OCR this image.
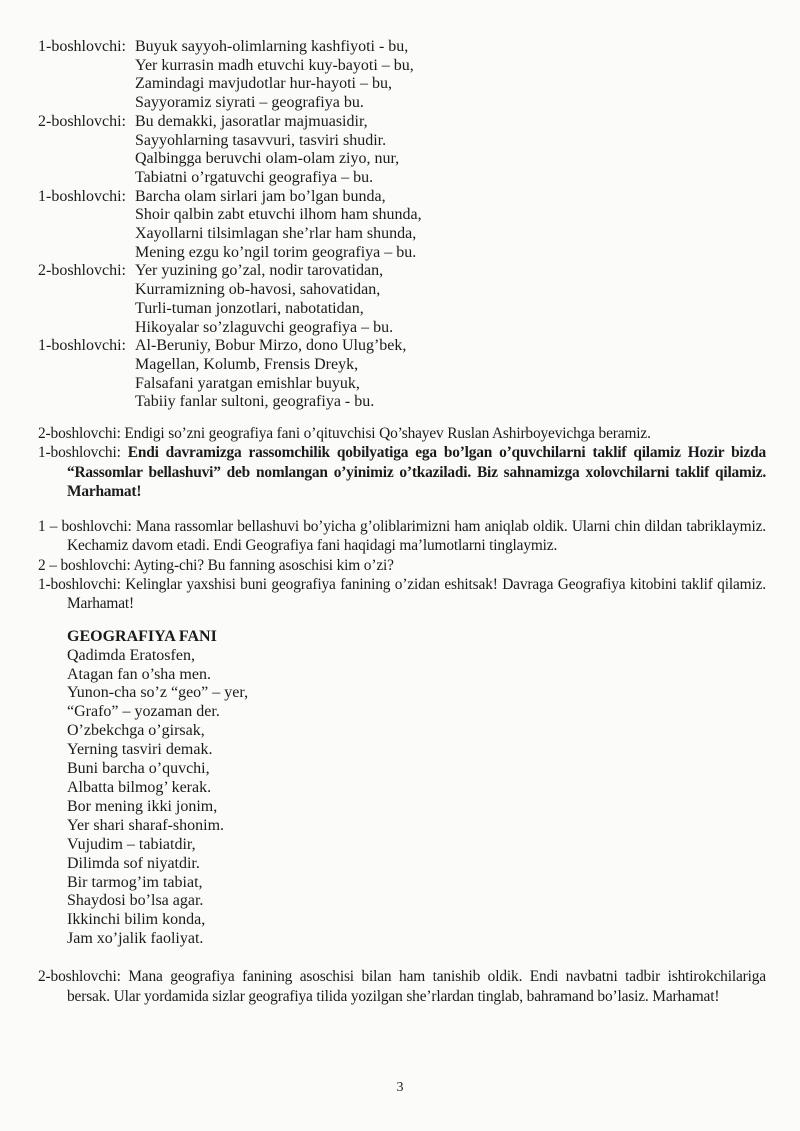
1-boshlovchi: Buyuk sayyoh-olimlarning kashfiyoti - bu,
Yer kurrasin madh etuvchi kuy-bayoti – bu,
Zamindagi mavjudotlar hur-hayoti – bu,
Sayyoramiz siyrati – geografiya bu.
2-boshlovchi: Bu demakki, jasoratlar majmuasidir,
Sayyohlarning tasavvuri, tasviri shudir.
Qalbingga beruvchi olam-olam ziyo, nur,
Tabiatni o’rgatuvchi geografiya – bu.
1-boshlovchi: Barcha olam sirlari jam bo’lgan bunda,
Shoir qalbin zabt etuvchi ilhom ham shunda,
Xayollarni tilsimlagan she’rlar ham shunda,
Mening ezgu ko’ngil torim geografiya – bu.
2-boshlovchi: Yer yuzining go’zal, nodir tarovatidan,
Kurramizning ob-havosi, sahovatidan,
Turli-tuman jonzotlari, nabotatidan,
Hikoyalar so’zlaguvchi geografiya – bu.
1-boshlovchi: Al-Beruniy, Bobur Mirzo, dono Ulug’bek,
Magellan, Kolumb, Frensis Dreyk,
Falsafani yaratgan emishlar buyuk,
Tabiiy fanlar sultoni, geografiya - bu.

2-boshlovchi: Endigi so’zni geografiya fani o’qituvchisi Qo’shayev Ruslan Ashirboyevichga beramiz.

1-boshlovchi: Endi davramizga rassomchilik qobilyatiga ega bo’lgan o’quvchilarni taklif qilamiz Hozir bizda “Rassomlar bellashuvi” deb nomlangan o’yinimiz o’tkaziladi. Biz sahnamizga xolovchilarni taklif qilamiz. Marhamat!

1 – boshlovchi: Mana rassomlar bellashuvi bo’yicha g’oliblarimizni ham aniqlab oldik. Ularni chin dildan tabriklaymiz. Kechamiz davom etadi. Endi Geografiya fani haqidagi ma’lumotlarni tinglaymiz.

2 – boshlovchi: Ayting-chi? Bu fanning asoschisi kim o’zi?

1-boshlovchi: Kelinglar yaxshisi buni geografiya fanining o’zidan eshitsak! Davraga Geografiya kitobini taklif qilamiz. Marhamat!

GEOGRAFIYA FANI
Qadimda Eratosfen,
Atagan fan o’sha men.
Yunon-cha so’z “geo” – yer,
“Grafo” – yozaman der.
O’zbekchga o’girsak,
Yerning tasviri demak.
Buni barcha o’quvchi,
Albatta bilmog’ kerak.
Bor mening ikki jonim,
Yer shari sharaf-shonim.
Vujudim – tabiatdir,
Dilimda sof niyatdir.
Bir tarmog’im tabiat,
Shaydosi bo’lsa agar.
Ikkinchi bilim konda,
Jam xo’jalik faoliyat.

2-boshlovchi: Mana geografiya fanining asoschisi bilan ham tanishib oldik. Endi navbatni tadbir ishtirokchilariga bersak. Ular yordamida sizlar geografiya tilida yozilgan she’rlardan tinglab, bahramand bo’lasiz. Marhamat!

3
